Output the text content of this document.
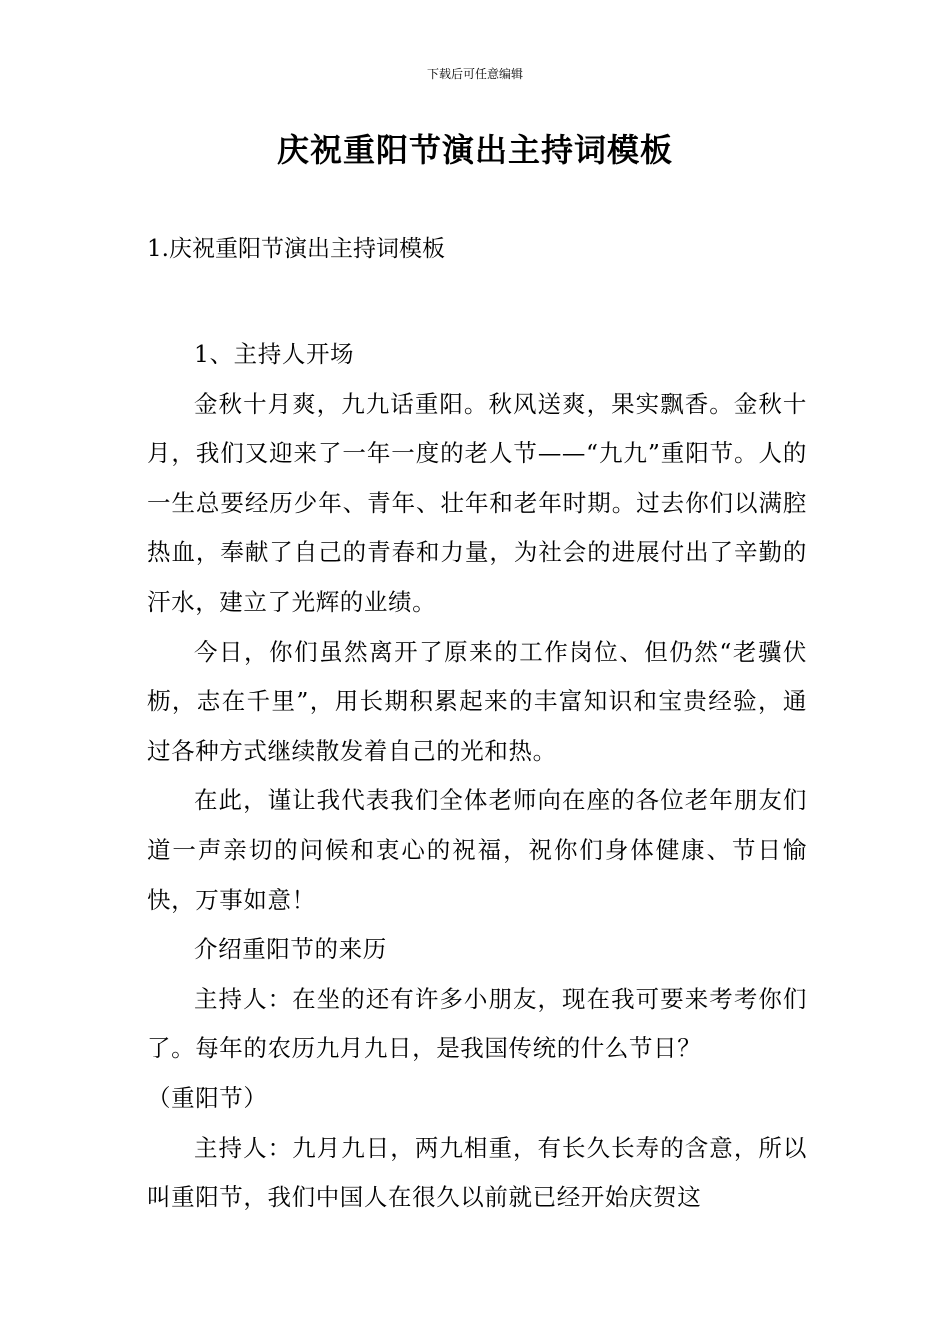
下载后可任意编辑
庆祝重阳节演出主持词模板
1.庆祝重阳节演出主持词模板

1、主持人开场

金秋十月爽，九九话重阳。秋风送爽，果实飘香。金秋十月，我们又迎来了一年一度的老人节——“九九”重阳节。人的一生总要经历少年、青年、壮年和老年时期。过去你们以满腔热血，奉献了自己的青春和力量，为社会的进展付出了辛勤的汗水，建立了光辉的业绩。

今日，你们虽然离开了原来的工作岗位、但仍然“老骥伏枥，志在千里”，用长期积累起来的丰富知识和宝贵经验，通过各种方式继续散发着自己的光和热。

在此，谨让我代表我们全体老师向在座的各位老年朋友们道一声亲切的问候和衷心的祝福，祝你们身体健康、节日愉快，万事如意！

介绍重阳节的来历

主持人：在坐的还有许多小朋友，现在我可要来考考你们了。每年的农历九月九日，是我国传统的什么节日？

（重阳节）

主持人：九月九日，两九相重，有长久长寿的含意，所以叫重阳节，我们中国人在很久以前就已经开始庆贺这
